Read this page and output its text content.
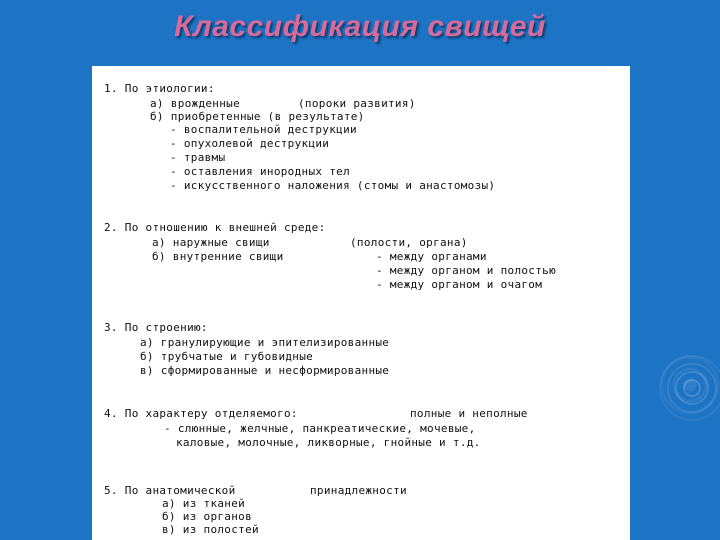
Классификация свищей
1. По этиологии:
а) врожденные	(пороки развития)
б) приобретенные (в результате)
- воспалительной деструкции
- опухолевой деструкции
- травмы
- оставления инородных тел
- искусственного наложения (стомы и анастомозы)
2. По отношению к внешней среде:
а) наружные свищи	(полости, органа)
б) внутренние свищи	- между органами
- между органом и полостью
- между органом и очагом
3. По строению:
а) гранулирующие и эпителизированные
б) трубчатые и губовидные
в) сформированные и несформированные
4. По характеру отделяемого:	полные и неполные
- слюнные, желчные, панкреатические, мочевые,
каловые, молочные, ликворные, гнойные и т.д.
5. По анатомической	принадлежности
а) из тканей
б) из органов
в) из полостей
